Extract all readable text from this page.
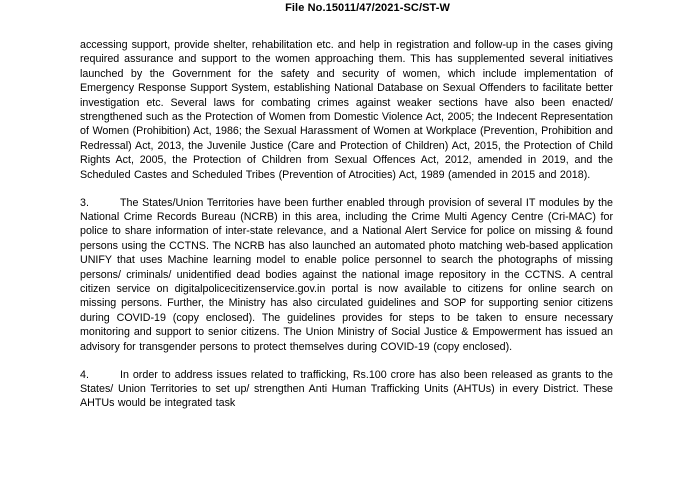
File No.15011/47/2021-SC/ST-W

accessing support, provide shelter, rehabilitation etc. and help in registration and follow-up in the cases giving required assurance and support to the women approaching them. This has supplemented several initiatives launched by the Government for the safety and security of women, which include implementation of Emergency Response Support System, establishing National Database on Sexual Offenders to facilitate better investigation etc. Several laws for combating crimes against weaker sections have also been enacted/ strengthened such as the Protection of Women from Domestic Violence Act, 2005; the Indecent Representation of Women (Prohibition) Act, 1986; the Sexual Harassment of Women at Workplace (Prevention, Prohibition and Redressal) Act, 2013, the Juvenile Justice (Care and Protection of Children) Act, 2015, the Protection of Child Rights Act, 2005, the Protection of Children from Sexual Offences Act, 2012, amended in 2019, and the Scheduled Castes and Scheduled Tribes (Prevention of Atrocities) Act, 1989 (amended in 2015 and 2018).

3.	The States/Union Territories have been further enabled through provision of several IT modules by the National Crime Records Bureau (NCRB) in this area, including the Crime Multi Agency Centre (Cri-MAC) for police to share information of inter-state relevance, and a National Alert Service for police on missing & found persons using the CCTNS. The NCRB has also launched an automated photo matching web-based application UNIFY that uses Machine learning model to enable police personnel to search the photographs of missing persons/ criminals/ unidentified dead bodies against the national image repository in the CCTNS. A central citizen service on digitalpolicecitizenservice.gov.in portal is now available to citizens for online search on missing persons. Further, the Ministry has also circulated guidelines and SOP for supporting senior citizens during COVID-19 (copy enclosed). The guidelines provides for steps to be taken to ensure necessary monitoring and support to senior citizens. The Union Ministry of Social Justice & Empowerment has issued an advisory for transgender persons to protect themselves during COVID-19 (copy enclosed).

4.	In order to address issues related to trafficking, Rs.100 crore has also been released as grants to the States/ Union Territories to set up/ strengthen Anti Human Trafficking Units (AHTUs) in every District. These AHTUs would be integrated task
